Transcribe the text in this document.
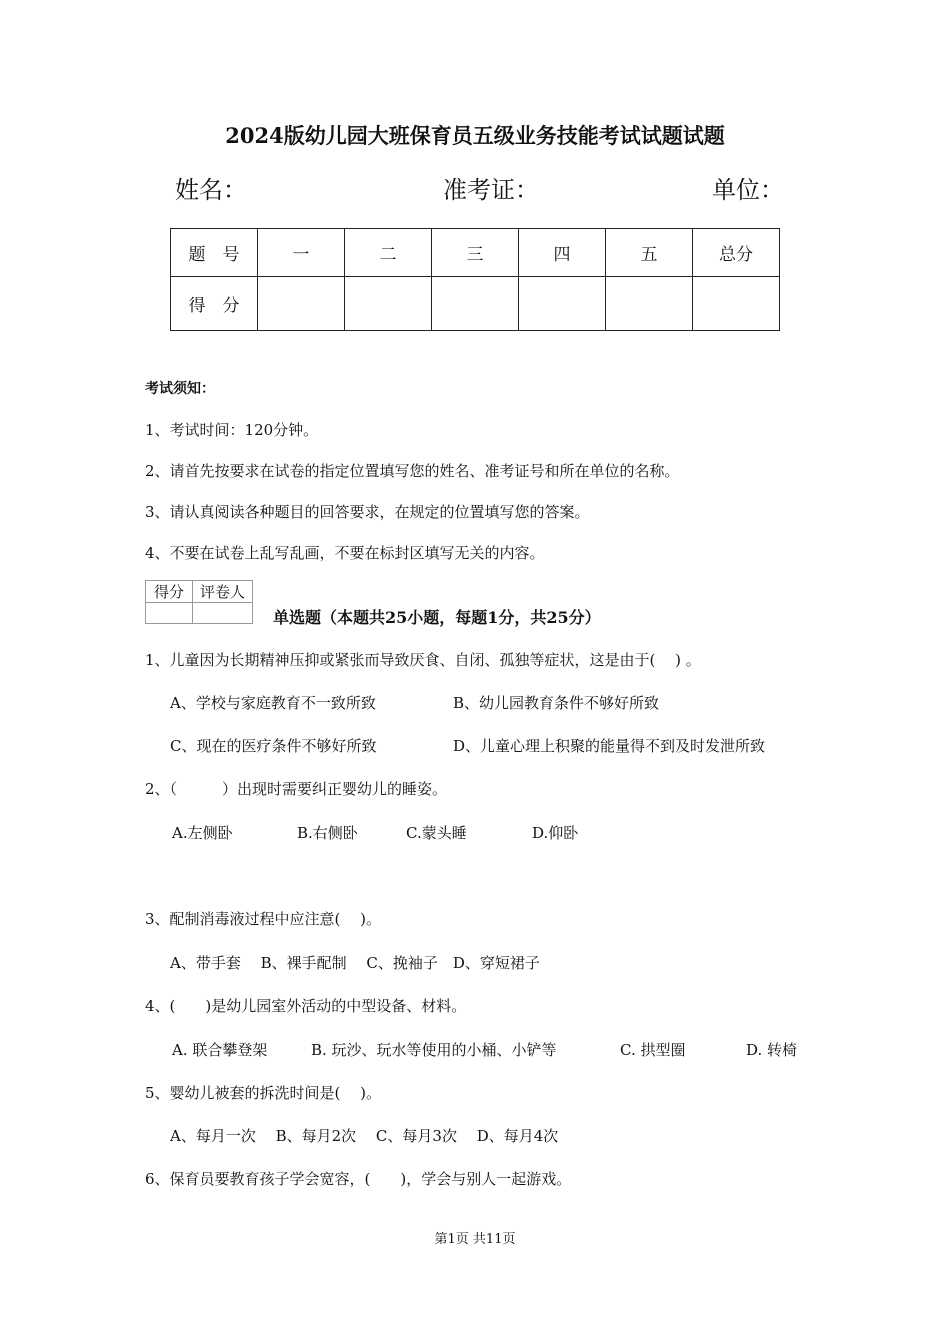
2024版幼儿园大班保育员五级业务技能考试试题试题
姓名：	准考证：	单位：
题　号	一	二	三	四	五	总分
得　分						
考试须知：
1、考试时间：120分钟。
2、请首先按要求在试卷的指定位置填写您的姓名、准考证号和所在单位的名称。
3、请认真阅读各种题目的回答要求，在规定的位置填写您的答案。
4、不要在试卷上乱写乱画，不要在标封区填写无关的内容。
得分	评卷人

单选题（本题共25小题，每题1分，共25分）
1、儿童因为长期精神压抑或紧张而导致厌食、自闭、孤独等症状，这是由于(　 ) 。
A、学校与家庭教育不一致所致	B、幼儿园教育条件不够好所致
C、现在的医疗条件不够好所致	D、儿童心理上积聚的能量得不到及时发泄所致
2、（　　　）出现时需要纠正婴幼儿的睡姿。
A.左侧卧	B.右侧卧	C.蒙头睡	D.仰卧
3、配制消毒液过程中应注意(　 )。
A、带手套　 B、裸手配制　 C、挽袖子　D、穿短裙子
4、(　　)是幼儿园室外活动的中型设备、材料。
A. 联合攀登架	B. 玩沙、玩水等使用的小桶、小铲等	C. 拱型圈	D. 转椅
5、婴幼儿被套的拆洗时间是(　 )。
A、每月一次　 B、每月2次　 C、每月3次　 D、每月4次
6、保育员要教育孩子学会宽容，(　　)，学会与别人一起游戏。
第1页 共11页
